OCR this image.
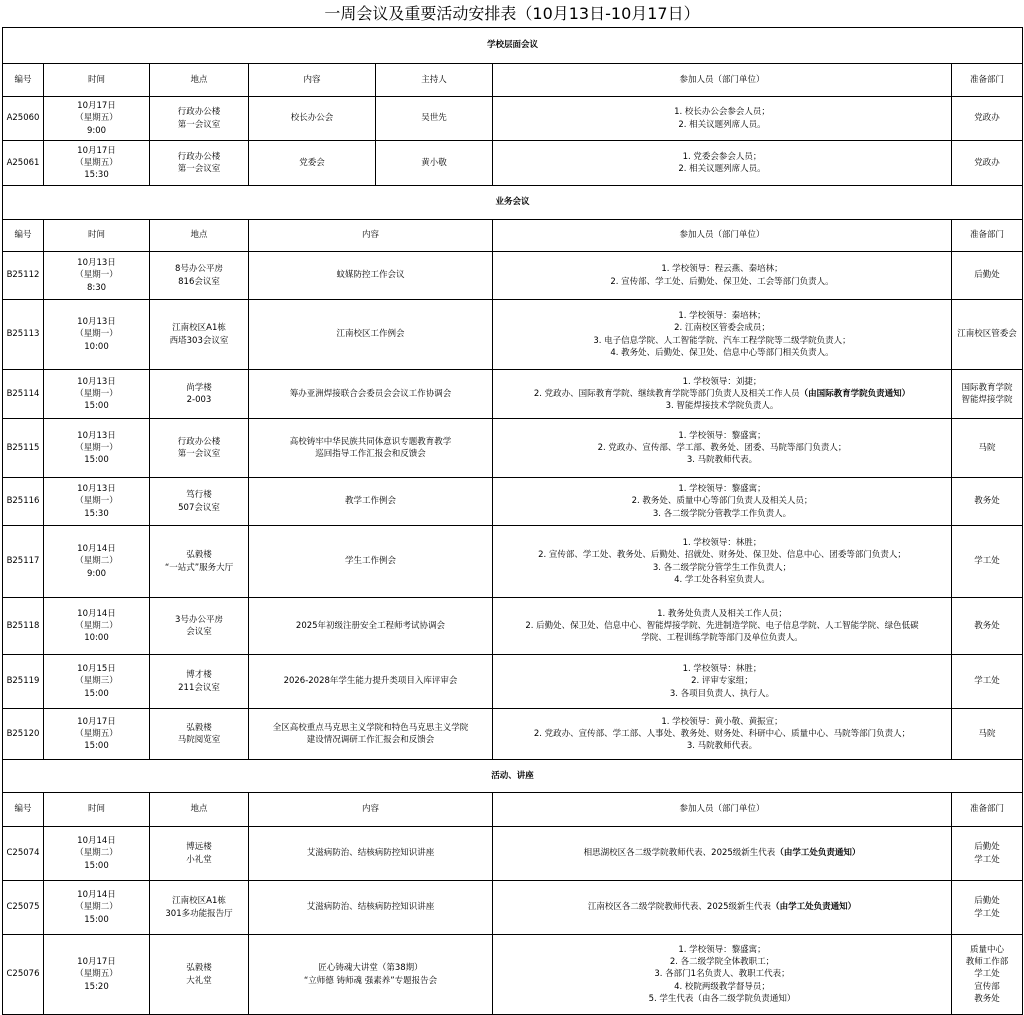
一周会议及重要活动安排表（10月13日-10月17日）
学校层面会议						
编号	时间	地点	内容	主持人	参加人员（部门单位）	准备部门
A25060	10月17日
（星期五）
9:00	行政办公楼
第一会议室	校长办公会	吴世先	1. 校长办公会参会人员；
2. 相关议题列席人员。	党政办

A25061	10月17日
（星期五）
15:30	行政办公楼
第一会议室	党委会	黄小敬	1. 党委会参会人员；
2. 相关议题列席人员。	党政办

业务会议						
编号	时间	地点	内容		参加人员（部门单位）	准备部门
B25112	10月13日
（星期一）
8:30	8号办公平房
816会议室	蚊媒防控工作会议		1. 学校领导：程云燕、秦培林；
2. 宣传部、学工处、后勤处、保卫处、工会等部门负责人。	后勤处

B25113	10月13日
（星期一）
10:00	江南校区A1栋
西塔303会议室	江南校区工作例会		1. 学校领导：秦培林；
2. 江南校区管委会成员；
3. 电子信息学院、人工智能学院、汽车工程学院等二级学院负责人；
4. 教务处、后勤处、保卫处、信息中心等部门相关负责人。	江南校区管委会

B25114	10月13日
（星期一）
15:00	尚学楼
2-003	筹办亚洲焊接联合会委员会会议工作协调会		1. 学校领导：刘捷；
2. 党政办、国际教育学院、继续教育学院等部门负责人及相关工作人员（由国际教育学院负责通知）
3. 智能焊接技术学院负责人。	国际教育学院
智能焊接学院

B25115	10月13日
（星期一）
15:00	行政办公楼
第一会议室	高校铸牢中华民族共同体意识专题教育教学
巡回指导工作汇报会和反馈会		1. 学校领导：黎盛寓；
2. 党政办、宣传部、学工部、教务处、团委、马院等部门负责人；
3. 马院教师代表。	马院

B25116	10月13日
（星期一）
15:30	笃行楼
507会议室	教学工作例会		1. 学校领导：黎盛寓；
2. 教务处、质量中心等部门负责人及相关人员；
3. 各二级学院分管教学工作负责人。	教务处

B25117	10月14日
（星期二）
9:00	弘毅楼
“一站式”服务大厅	学生工作例会		1. 学校领导：林胜；
2. 宣传部、学工处、教务处、后勤处、招就处、财务处、保卫处、信息中心、团委等部门负责人；
3. 各二级学院分管学生工作负责人；
4. 学工处各科室负责人。	学工处

B25118	10月14日
（星期二）
10:00	3号办公平房
会议室	2025年初级注册安全工程师考试协调会		1. 教务处负责人及相关工作人员；
2. 后勤处、保卫处、信息中心、智能焊接学院、先进制造学院、电子信息学院、人工智能学院、绿色低碳
学院、工程训练学院等部门及单位负责人。	教务处

B25119	10月15日
（星期三）
15:00	博才楼
211会议室	2026-2028年学生能力提升类项目入库评审会		1. 学校领导：林胜；
2. 评审专家组；
3. 各项目负责人、执行人。	学工处

B25120	10月17日
（星期五）
15:00	弘毅楼
马院阅览室	全区高校重点马克思主义学院和特色马克思主义学院
建设情况调研工作汇报会和反馈会		1. 学校领导：黄小敬、黄振宣；
2. 党政办、宣传部、学工部、人事处、教务处、财务处、科研中心、质量中心、马院等部门负责人；
3. 马院教师代表。	马院

活动、讲座						
编号	时间	地点	内容		参加人员（部门单位）	准备部门
C25074	10月14日
（星期二）
15:00	博远楼
小礼堂	艾滋病防治、结核病防控知识讲座		相思湖校区各二级学院教师代表、2025级新生代表（由学工处负责通知）	后勤处
学工处

C25075	10月14日
（星期二）
15:00	江南校区A1栋
301多功能报告厅	艾滋病防治、结核病防控知识讲座		江南校区各二级学院教师代表、2025级新生代表（由学工处负责通知）	后勤处
学工处

C25076	10月17日
（星期五）
15:20	弘毅楼
大礼堂	匠心铸魂大讲堂（第38期）
“立师德 铸师魂 强素养”专题报告会		1. 学校领导：黎盛寓；
2. 各二级学院全体教职工；
3. 各部门1名负责人、教职工代表；
4. 校院两级教学督导员；
5. 学生代表（由各二级学院负责通知）	质量中心
教师工作部
学工处
宣传部
教务处
